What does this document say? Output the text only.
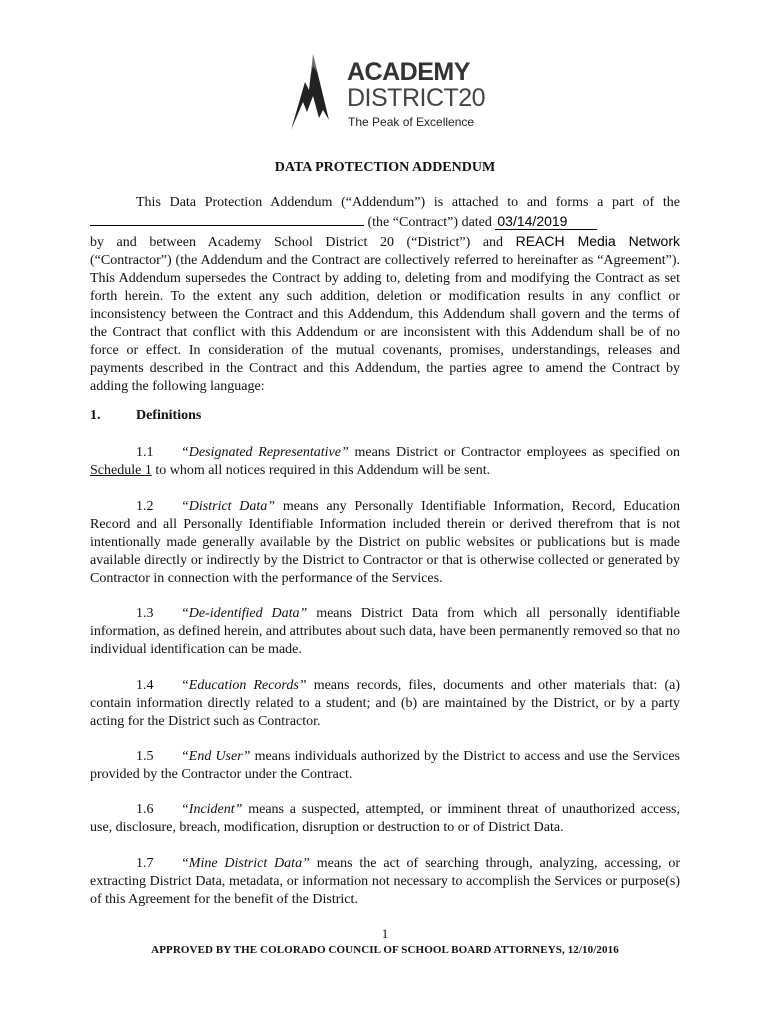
ACADEMY
DISTRICT20
The Peak of Excellence
DATA PROTECTION ADDENDUM
This Data Protection Addendum (“Addendum”) is attached to and forms a part of the
(the “Contract”) dated 03/14/2019
by and between Academy School District 20 (“District”) and REACH Media Network
(“Contractor”) (the Addendum and the Contract are collectively referred to hereinafter as “Agreement”). This Addendum supersedes the Contract by adding to, deleting from and modifying the Contract as set forth herein. To the extent any such addition, deletion or modification results in any conflict or inconsistency between the Contract and this Addendum, this Addendum shall govern and the terms of the Contract that conflict with this Addendum or are inconsistent with this Addendum shall be of no force or effect. In consideration of the mutual covenants, promises, understandings, releases and payments described in the Contract and this Addendum, the parties agree to amend the Contract by adding the following language:
1.	Definitions
1.1 “Designated Representative” means District or Contractor employees as specified on Schedule 1 to whom all notices required in this Addendum will be sent.
1.2 “District Data” means any Personally Identifiable Information, Record, Education Record and all Personally Identifiable Information included therein or derived therefrom that is not intentionally made generally available by the District on public websites or publications but is made available directly or indirectly by the District to Contractor or that is otherwise collected or generated by Contractor in connection with the performance of the Services.
1.3 “De-identified Data” means District Data from which all personally identifiable information, as defined herein, and attributes about such data, have been permanently removed so that no individual identification can be made.
1.4 “Education Records” means records, files, documents and other materials that: (a) contain information directly related to a student; and (b) are maintained by the District, or by a party acting for the District such as Contractor.
1.5 “End User” means individuals authorized by the District to access and use the Services provided by the Contractor under the Contract.
1.6 “Incident” means a suspected, attempted, or imminent threat of unauthorized access, use, disclosure, breach, modification, disruption or destruction to or of District Data.
1.7 “Mine District Data” means the act of searching through, analyzing, accessing, or extracting District Data, metadata, or information not necessary to accomplish the Services or purpose(s) of this Agreement for the benefit of the District.
1
APPROVED BY THE COLORADO COUNCIL OF SCHOOL BOARD ATTORNEYS, 12/10/2016
